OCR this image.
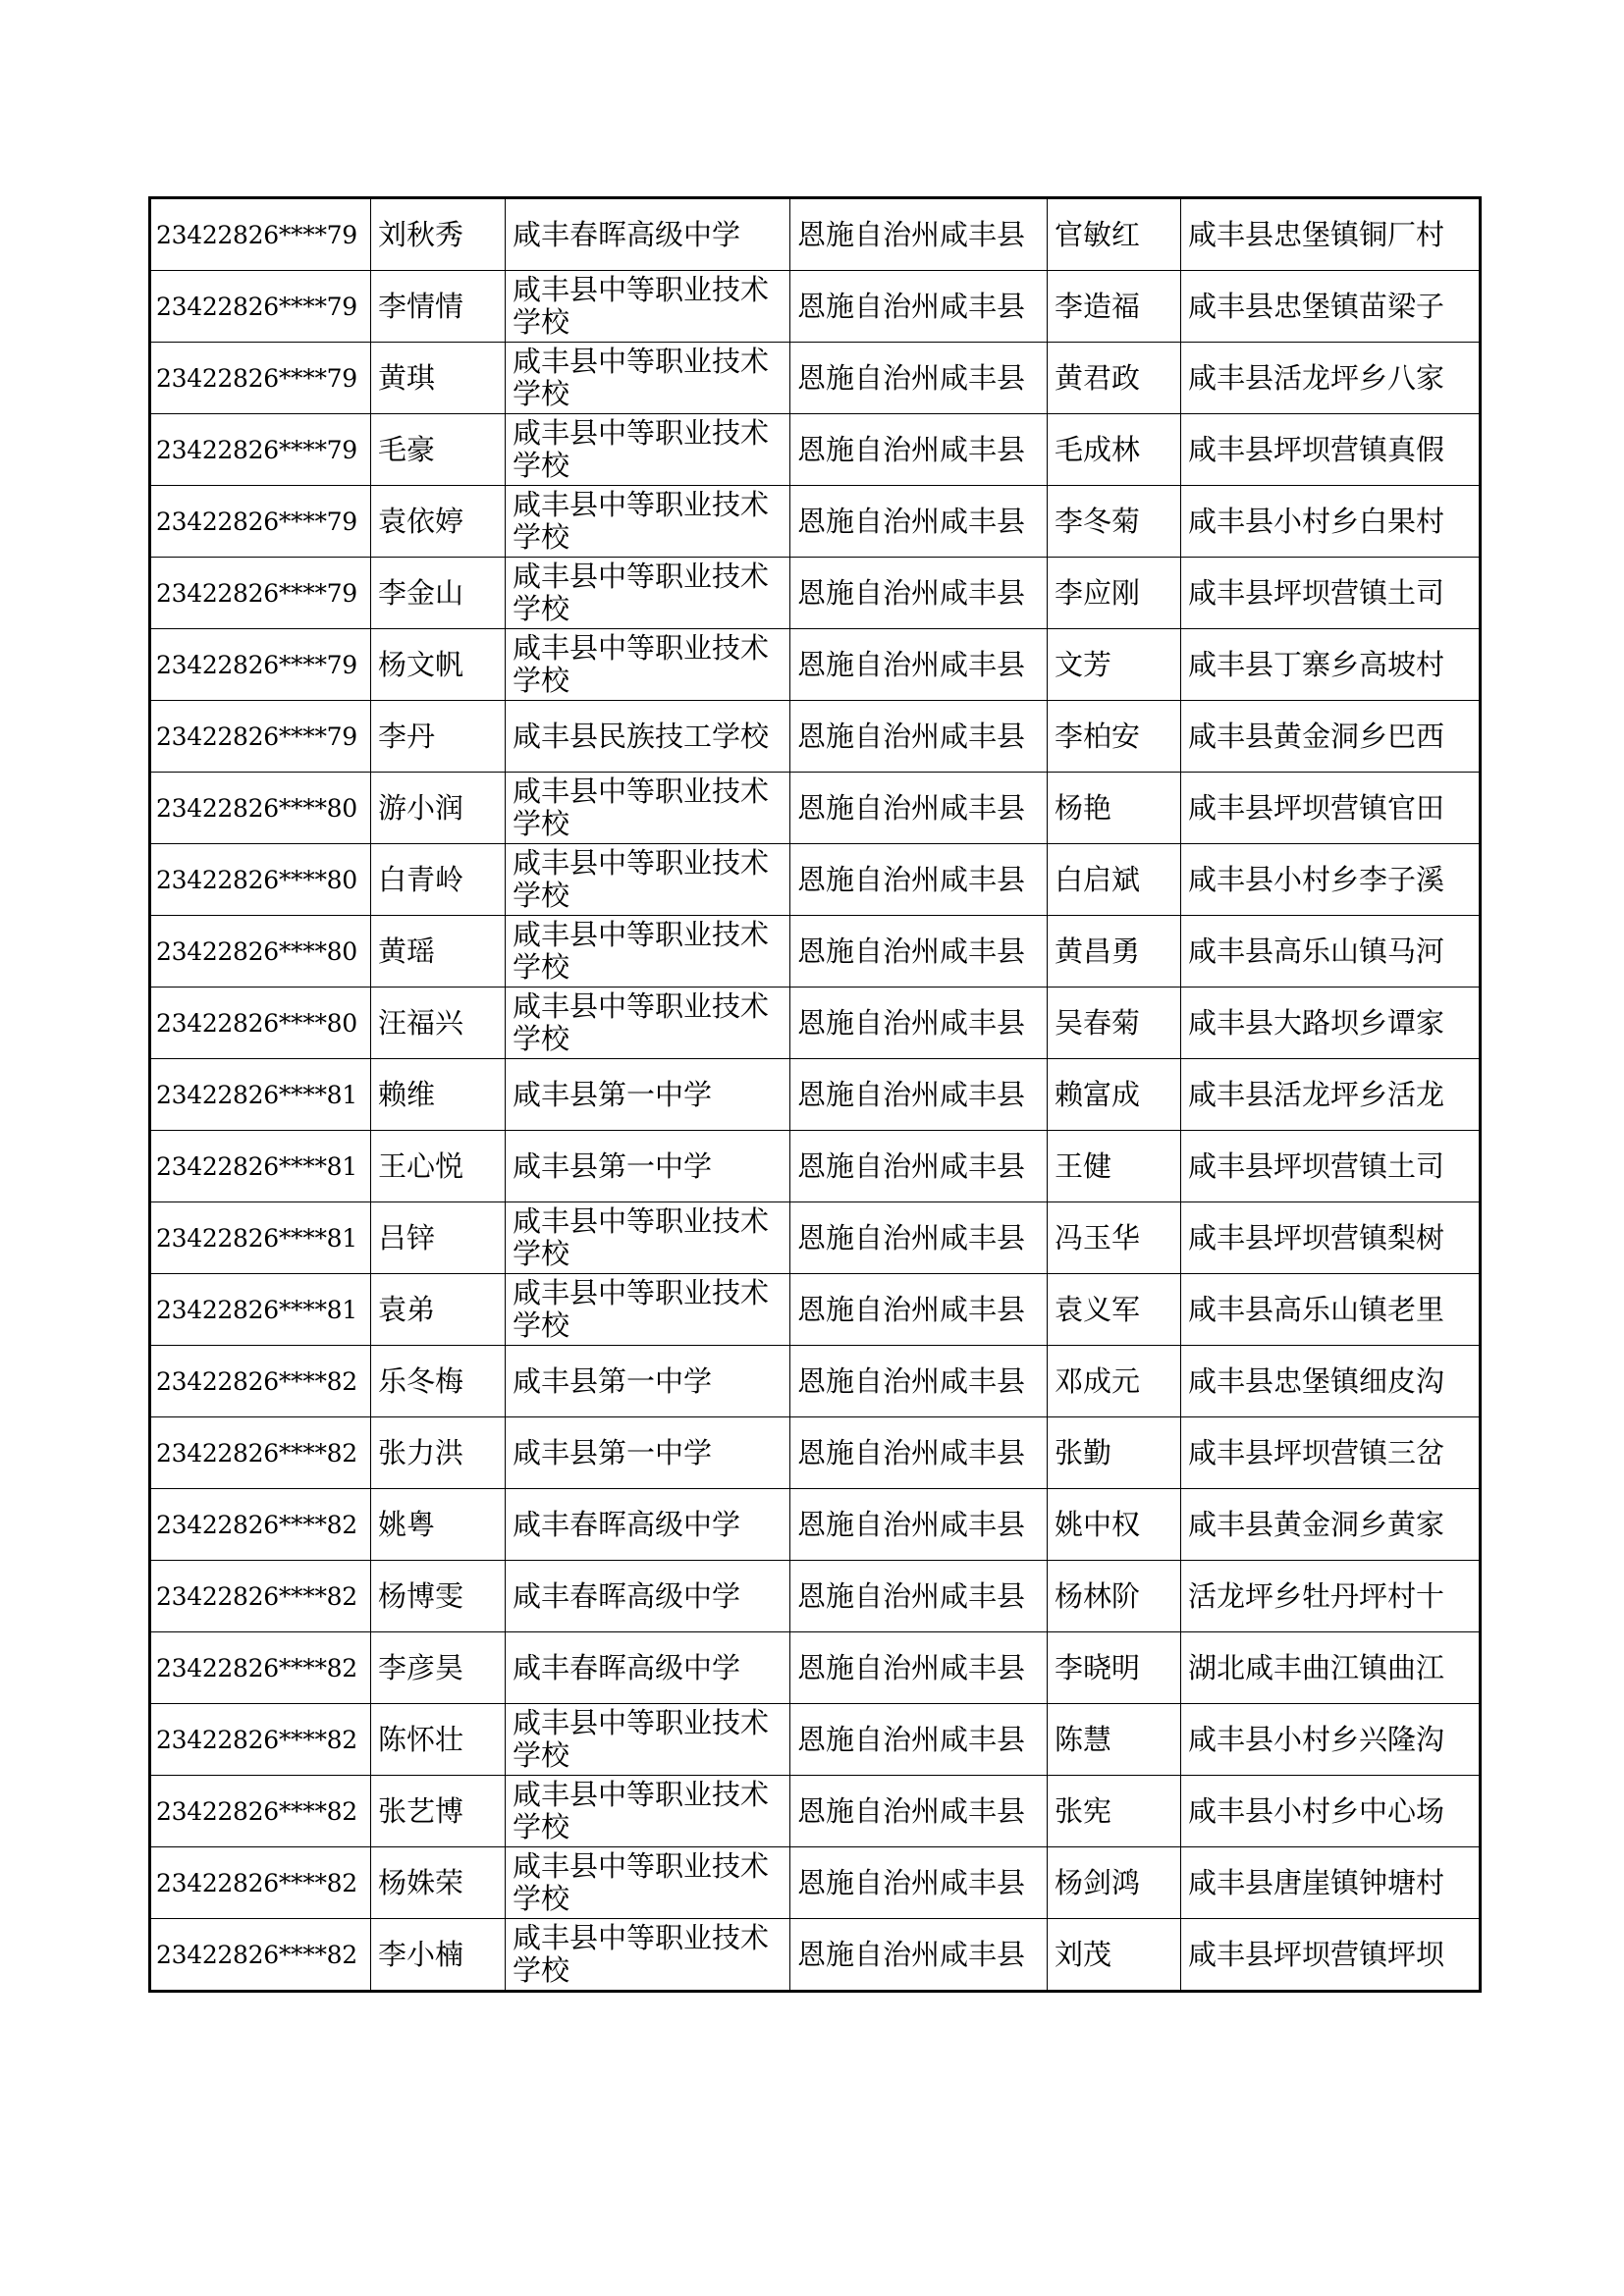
23422826****79	刘秋秀	咸丰春晖高级中学	恩施自治州咸丰县	官敏红	咸丰县忠堡镇铜厂村
23422826****79	李情情	咸丰县中等职业技术学校	恩施自治州咸丰县	李造福	咸丰县忠堡镇苗梁子
23422826****79	黄琪	咸丰县中等职业技术学校	恩施自治州咸丰县	黄君政	咸丰县活龙坪乡八家
23422826****79	毛豪	咸丰县中等职业技术学校	恩施自治州咸丰县	毛成林	咸丰县坪坝营镇真假
23422826****79	袁依婷	咸丰县中等职业技术学校	恩施自治州咸丰县	李冬菊	咸丰县小村乡白果村
23422826****79	李金山	咸丰县中等职业技术学校	恩施自治州咸丰县	李应刚	咸丰县坪坝营镇土司
23422826****79	杨文帆	咸丰县中等职业技术学校	恩施自治州咸丰县	文芳	咸丰县丁寨乡高坡村
23422826****79	李丹	咸丰县民族技工学校	恩施自治州咸丰县	李柏安	咸丰县黄金洞乡巴西
23422826****80	游小润	咸丰县中等职业技术学校	恩施自治州咸丰县	杨艳	咸丰县坪坝营镇官田
23422826****80	白青岭	咸丰县中等职业技术学校	恩施自治州咸丰县	白启斌	咸丰县小村乡李子溪
23422826****80	黄瑶	咸丰县中等职业技术学校	恩施自治州咸丰县	黄昌勇	咸丰县高乐山镇马河
23422826****80	汪福兴	咸丰县中等职业技术学校	恩施自治州咸丰县	吴春菊	咸丰县大路坝乡谭家
23422826****81	赖维	咸丰县第一中学	恩施自治州咸丰县	赖富成	咸丰县活龙坪乡活龙
23422826****81	王心悦	咸丰县第一中学	恩施自治州咸丰县	王健	咸丰县坪坝营镇土司
23422826****81	吕锌	咸丰县中等职业技术学校	恩施自治州咸丰县	冯玉华	咸丰县坪坝营镇梨树
23422826****81	袁弟	咸丰县中等职业技术学校	恩施自治州咸丰县	袁义军	咸丰县高乐山镇老里
23422826****82	乐冬梅	咸丰县第一中学	恩施自治州咸丰县	邓成元	咸丰县忠堡镇细皮沟
23422826****82	张力洪	咸丰县第一中学	恩施自治州咸丰县	张勤	咸丰县坪坝营镇三岔
23422826****82	姚粤	咸丰春晖高级中学	恩施自治州咸丰县	姚中权	咸丰县黄金洞乡黄家
23422826****82	杨博雯	咸丰春晖高级中学	恩施自治州咸丰县	杨林阶	活龙坪乡牡丹坪村十
23422826****82	李彦昊	咸丰春晖高级中学	恩施自治州咸丰县	李晓明	湖北咸丰曲江镇曲江
23422826****82	陈怀壮	咸丰县中等职业技术学校	恩施自治州咸丰县	陈慧	咸丰县小村乡兴隆沟
23422826****82	张艺博	咸丰县中等职业技术学校	恩施自治州咸丰县	张宪	咸丰县小村乡中心场
23422826****82	杨姝荣	咸丰县中等职业技术学校	恩施自治州咸丰县	杨剑鸿	咸丰县唐崖镇钟塘村
23422826****82	李小楠	咸丰县中等职业技术学校	恩施自治州咸丰县	刘茂	咸丰县坪坝营镇坪坝
